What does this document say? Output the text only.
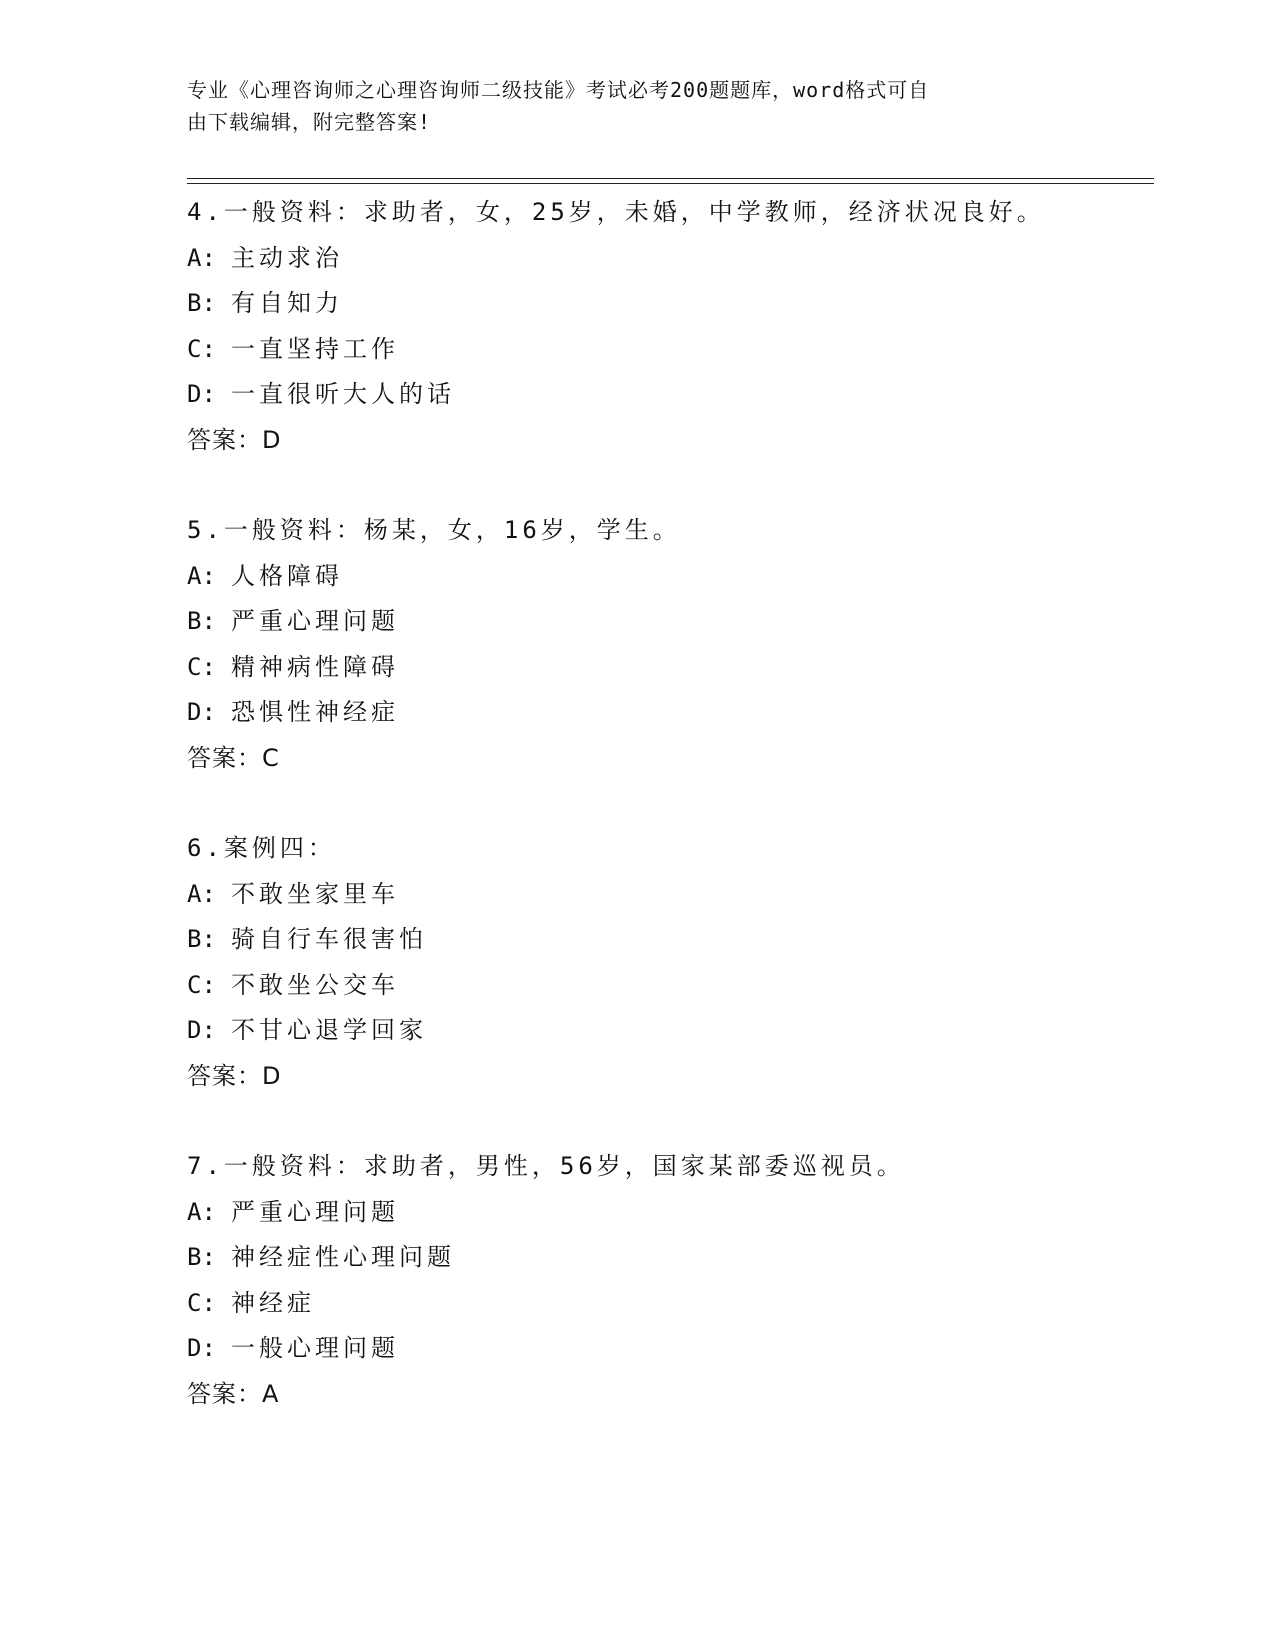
专业《心理咨询师之心理咨询师二级技能》考试必考200题题库，word格式可自
由下载编辑，附完整答案!
4.一般资料：求助者，女，25岁，未婚，中学教师，经济状况良好。
A: 主动求治
B: 有自知力
C: 一直坚持工作
D: 一直很听大人的话
答案：D
5.一般资料：杨某，女，16岁，学生。
A: 人格障碍
B: 严重心理问题
C: 精神病性障碍
D: 恐惧性神经症
答案：C
6.案例四：
A: 不敢坐家里车
B: 骑自行车很害怕
C: 不敢坐公交车
D: 不甘心退学回家
答案：D
7.一般资料：求助者，男性，56岁，国家某部委巡视员。
A: 严重心理问题
B: 神经症性心理问题
C: 神经症
D: 一般心理问题
答案：A
